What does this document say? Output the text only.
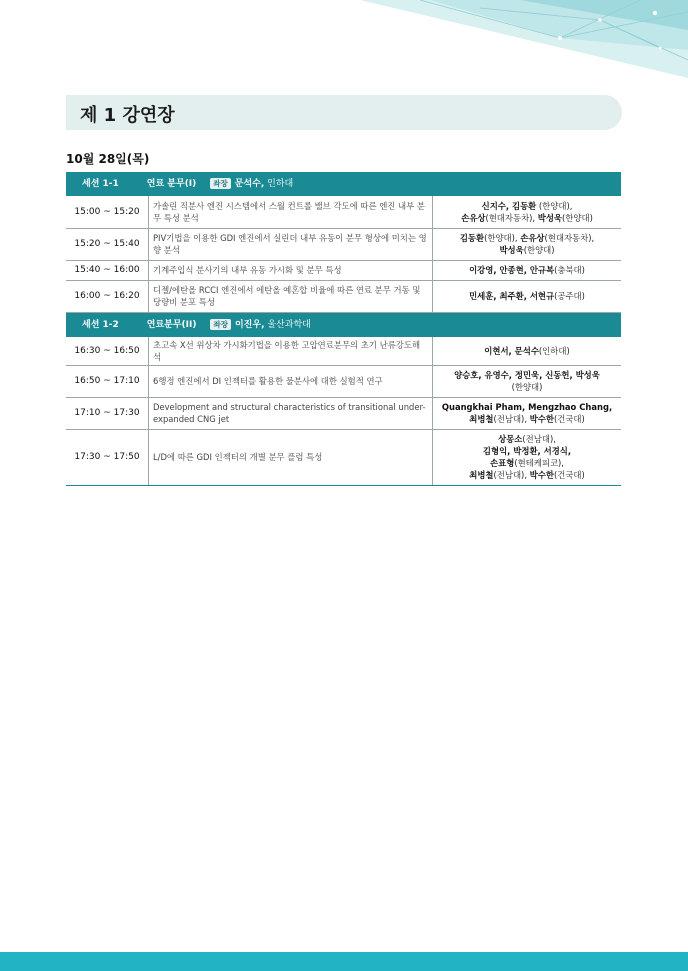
제 1 강연장
10월 28일(목)
세션 1-1 연료 분무(I) 좌장 문석수, 인하대		
15:00 ~ 15:20	가솔린 직분사 엔진 시스템에서 스월 컨트롤 밸브 각도에 따른 엔진 내부 분무 특성 분석	신지수, 김동환 (한양대),
손유상(현대자동차), 박성욱(한양대)
15:20 ~ 15:40	PIV기법을 이용한 GDI 엔진에서 실린더 내부 유동이 분무 형상에 미치는 영향 분석	김동환(한양대), 손유상(현대자동차),
박성욱(한양대)
15:40 ~ 16:00	기계주입식 분사기의 내부 유동 가시화 및 분무 특성	이강영, 안종현, 안규복(충북대)
16:00 ~ 16:20	디젤/에탄올 RCCI 엔진에서 에탄올 예혼합 비율에 따른 연료 분무 거동 및 당량비 분포 특성	민세훈, 최주환, 서현규(공주대)
세션 1-2 연료분무(II) 좌장 이진우, 울산과학대		
16:30 ~ 16:50	초고속 X선 위상차 가시화기법을 이용한 고압연료분무의 초기 난류강도해석	이현서, 문석수(인하대)
16:50 ~ 17:10	6행정 엔진에서 DI 인젝터를 활용한 물분사에 대한 실험적 연구	양승호, 유영수, 정민욱, 신동헌, 박성욱
(한양대)
17:10 ~ 17:30	Development and structural characteristics of transitional under-expanded CNG jet	Quangkhai Pham, Mengzhao Chang,
최병철(전남대), 박수한(건국대)
17:30 ~ 17:50	L/D에 따른 GDI 인젝터의 개별 분무 플럼 특성	상몽소(전남대),
김형익, 박정환, 서경식,
손표형(현테케피코),
최병철(전남대), 박수한(건국대)
